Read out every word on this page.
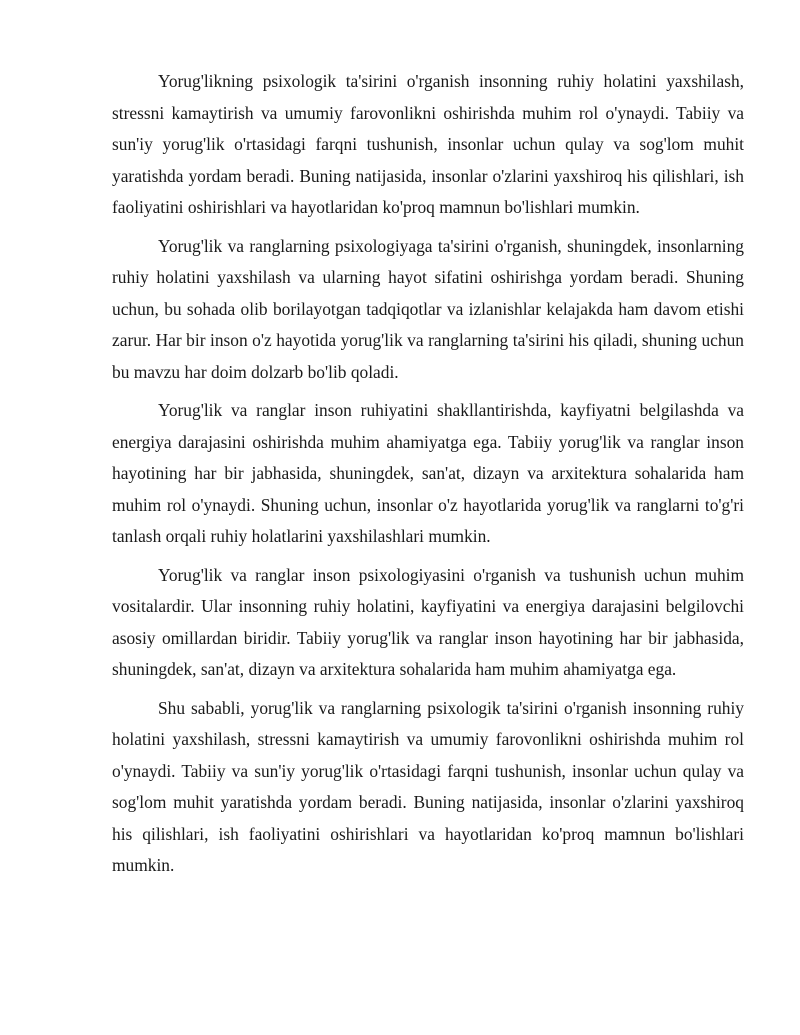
Yorug'likning psixologik ta'sirini o'rganish insonning ruhiy holatini yaxshilash, stressni kamaytirish va umumiy farovonlikni oshirishda muhim rol o'ynaydi. Tabiiy va sun'iy yorug'lik o'rtasidagi farqni tushunish, insonlar uchun qulay va sog'lom muhit yaratishda yordam beradi. Buning natijasida, insonlar o'zlarini yaxshiroq his qilishlari, ish faoliyatini oshirishlari va hayotlaridan ko'proq mamnun bo'lishlari mumkin.

Yorug'lik va ranglarning psixologiyaga ta'sirini o'rganish, shuningdek, insonlarning ruhiy holatini yaxshilash va ularning hayot sifatini oshirishga yordam beradi. Shuning uchun, bu sohada olib borilayotgan tadqiqotlar va izlanishlar kelajakda ham davom etishi zarur. Har bir inson o'z hayotida yorug'lik va ranglarning ta'sirini his qiladi, shuning uchun bu mavzu har doim dolzarb bo'lib qoladi.

Yorug'lik va ranglar inson ruhiyatini shakllantirishda, kayfiyatni belgilashda va energiya darajasini oshirishda muhim ahamiyatga ega. Tabiiy yorug'lik va ranglar inson hayotining har bir jabhasida, shuningdek, san'at, dizayn va arxitektura sohalarida ham muhim rol o'ynaydi. Shuning uchun, insonlar o'z hayotlarida yorug'lik va ranglarni to'g'ri tanlash orqali ruhiy holatlarini yaxshilashlari mumkin.

Yorug'lik va ranglar inson psixologiyasini o'rganish va tushunish uchun muhim vositalardir. Ular insonning ruhiy holatini, kayfiyatini va energiya darajasini belgilovchi asosiy omillardan biridir. Tabiiy yorug'lik va ranglar inson hayotining har bir jabhasida, shuningdek, san'at, dizayn va arxitektura sohalarida ham muhim ahamiyatga ega.

Shu sababli, yorug'lik va ranglarning psixologik ta'sirini o'rganish insonning ruhiy holatini yaxshilash, stressni kamaytirish va umumiy farovonlikni oshirishda muhim rol o'ynaydi. Tabiiy va sun'iy yorug'lik o'rtasidagi farqni tushunish, insonlar uchun qulay va sog'lom muhit yaratishda yordam beradi. Buning natijasida, insonlar o'zlarini yaxshiroq his qilishlari, ish faoliyatini oshirishlari va hayotlaridan ko'proq mamnun bo'lishlari mumkin.
